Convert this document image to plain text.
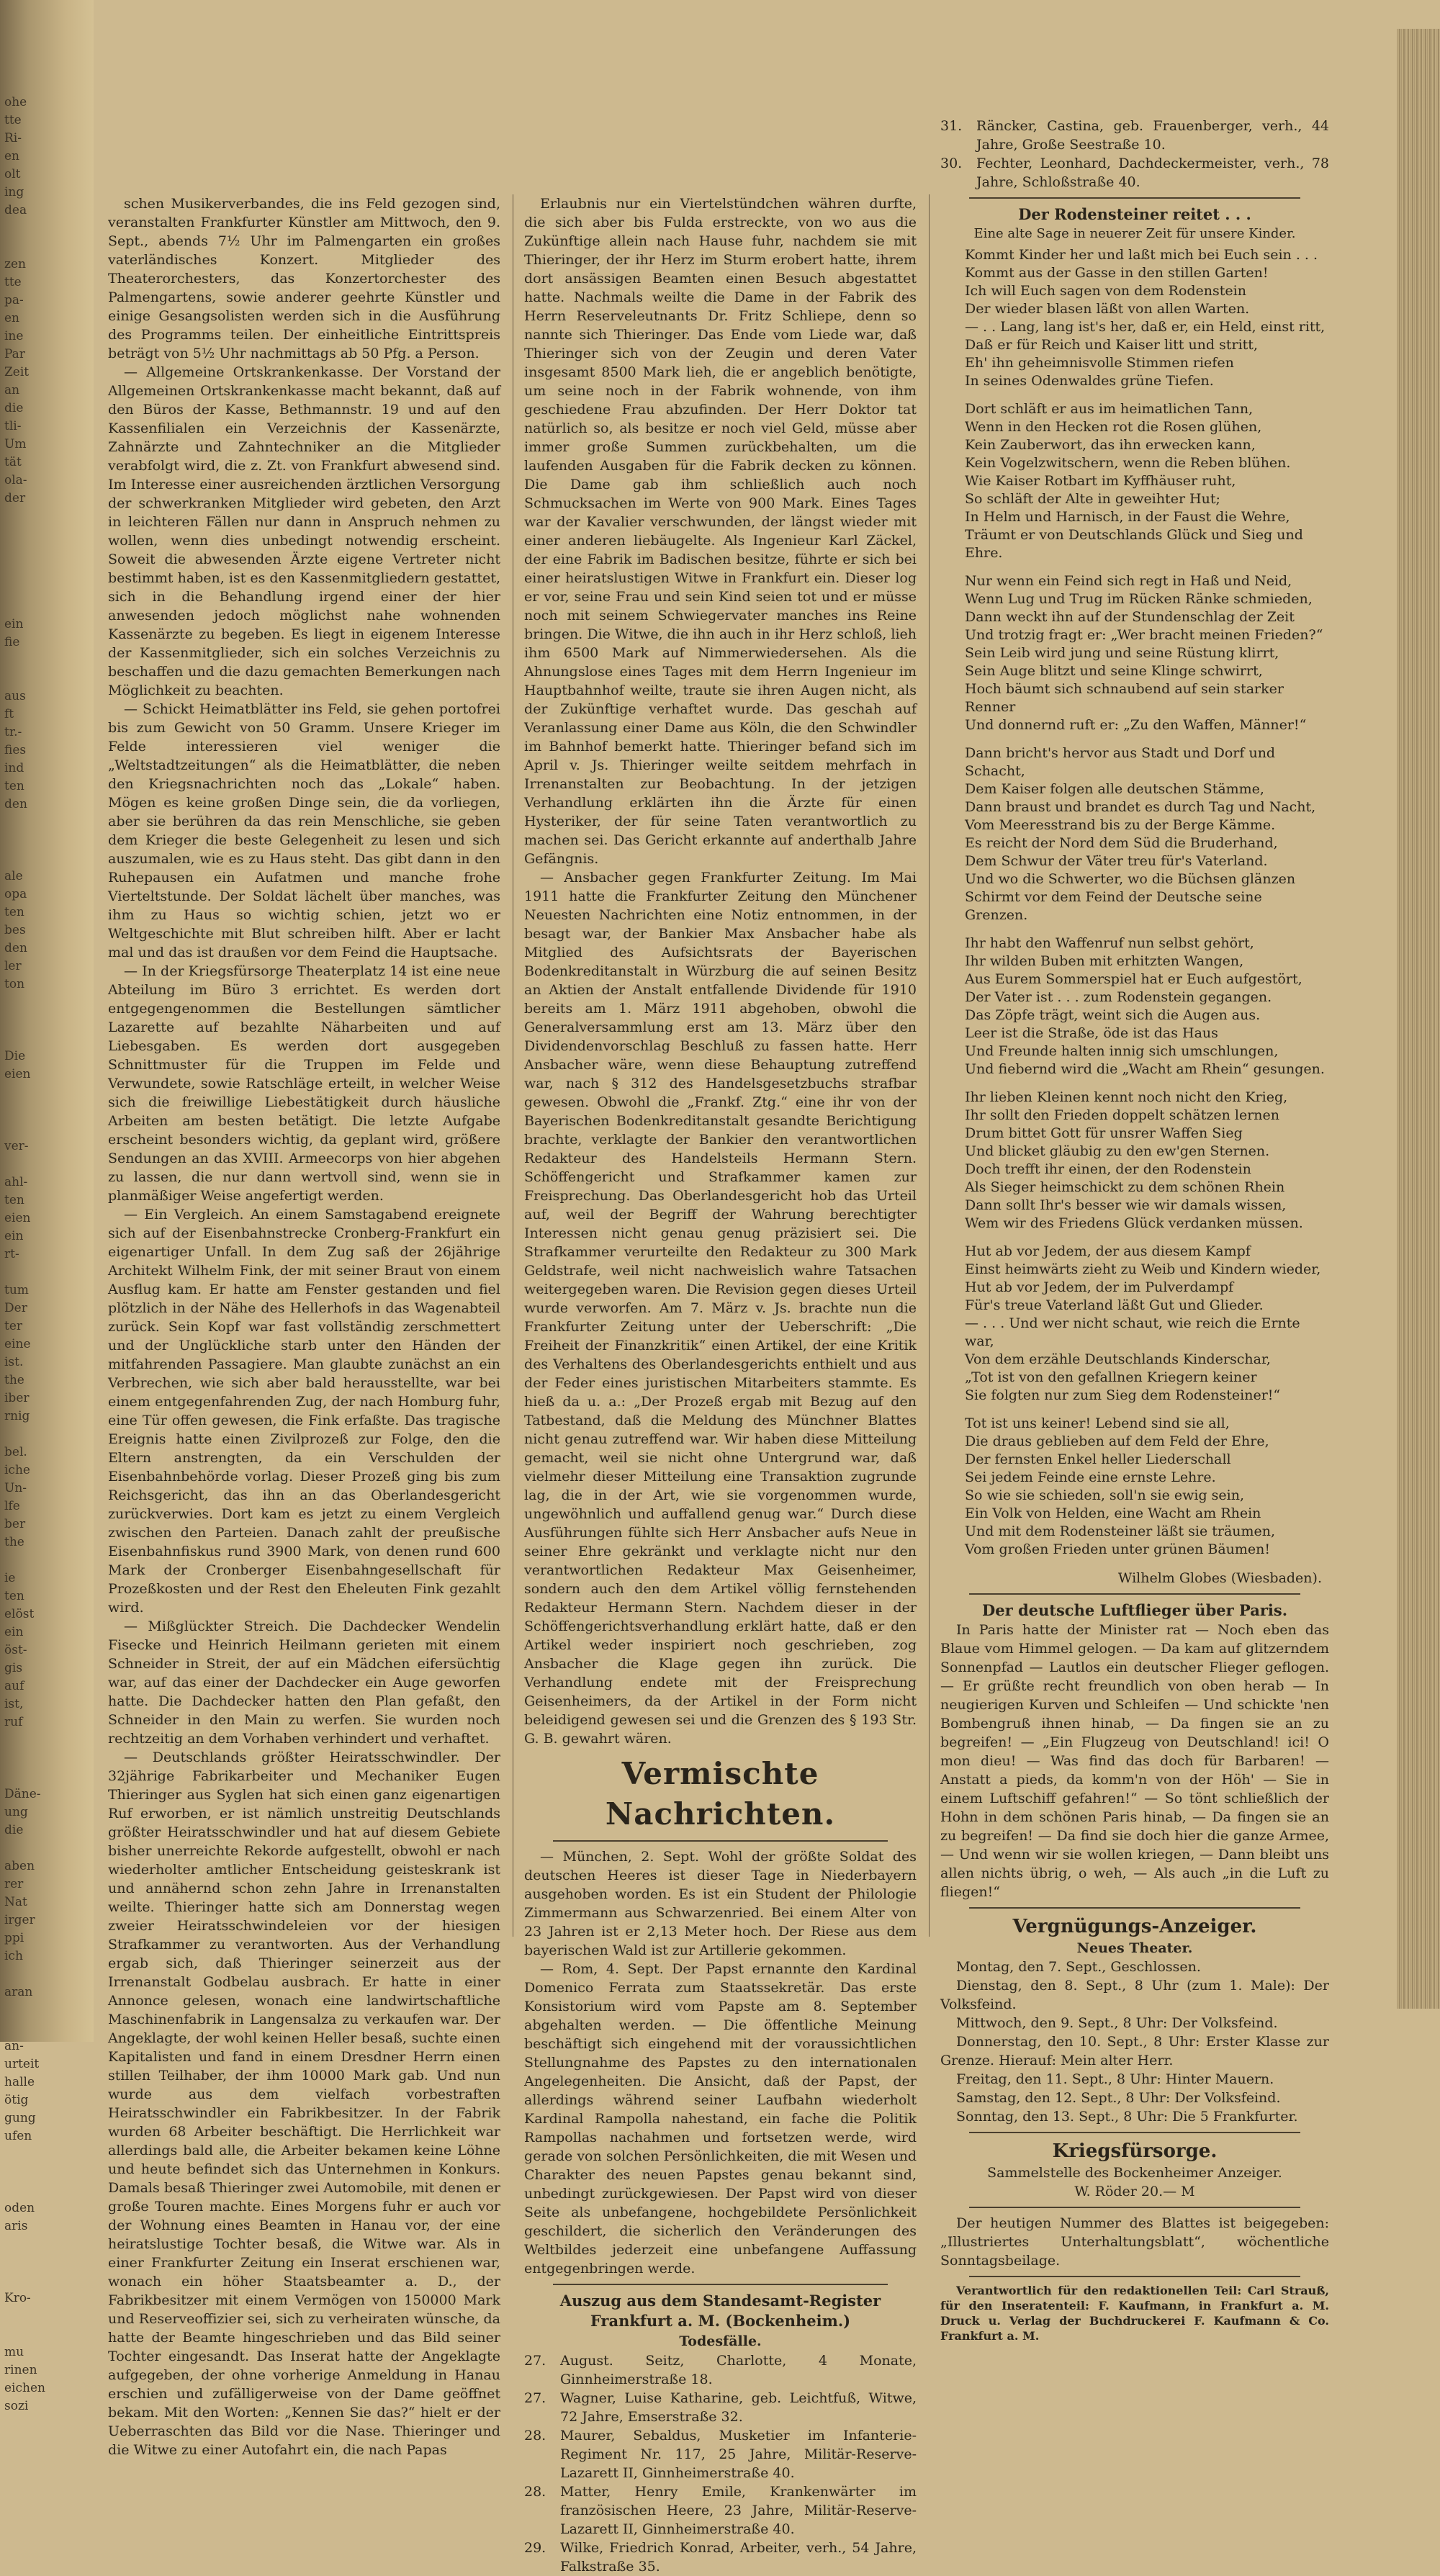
ohe
tte
Ri-
en
olt
ing
dea

zen
tte
pa-
en
ine
Par
Zeit
an
die
tli-
Um
tät
ola-
der

ein
fie

aus
ft
tr.-
fies
ind
ten
den

ale
opa
ten
bes
den
ler
ton

Die
eien

ver-

ahl-
ten
eien
ein
rt-

tum
Der
ter
eine
ist.
the
iber
rnig

bel.
iche
Un-
lfe
ber
the

ie
ten
elöst
ein
öst-
gis
auf
ist,
ruf

Däne-
ung
die

aben
rer
Nat
irger
ppi
ich

aran

an-
urteit
halle
ötig
gung
ufen

oden
aris

Kro-

mu
rinen
eichen
sozi

schen Musikerverbandes, die ins Feld gezogen sind, veranstalten Frankfurter Künstler am Mittwoch, den 9. Sept., abends 7½ Uhr im Palmengarten ein großes vaterländisches Konzert. Mitglieder des Theaterorchesters, das Konzertorchester des Palmengartens, sowie anderer geehrte Künstler und einige Gesangsolisten werden sich in die Ausführung des Programms teilen. Der einheitliche Eintrittspreis beträgt von 5½ Uhr nachmittags ab 50 Pfg. a Person.

— Allgemeine Ortskrankenkasse. Der Vorstand der Allgemeinen Ortskrankenkasse macht bekannt, daß auf den Büros der Kasse, Bethmannstr. 19 und auf den Kassenfilialen ein Verzeichnis der Kassenärzte, Zahnärzte und Zahntechniker an die Mitglieder verabfolgt wird, die z. Zt. von Frankfurt abwesend sind. Im Interesse einer ausreichenden ärztlichen Versorgung der schwerkranken Mitglieder wird gebeten, den Arzt in leichteren Fällen nur dann in Anspruch nehmen zu wollen, wenn dies unbedingt notwendig erscheint. Soweit die abwesenden Ärzte eigene Vertreter nicht bestimmt haben, ist es den Kassenmitgliedern gestattet, sich in die Behandlung irgend einer der hier anwesenden jedoch möglichst nahe wohnenden Kassenärzte zu begeben. Es liegt in eigenem Interesse der Kassenmitglieder, sich ein solches Verzeichnis zu beschaffen und die dazu gemachten Bemerkungen nach Möglichkeit zu beachten.

— Schickt Heimatblätter ins Feld, sie gehen portofrei bis zum Gewicht von 50 Gramm. Unsere Krieger im Felde interessieren viel weniger die „Weltstadtzeitungen“ als die Heimatblätter, die neben den Kriegsnachrichten noch das „Lokale“ haben. Mögen es keine großen Dinge sein, die da vorliegen, aber sie berühren da das rein Menschliche, sie geben dem Krieger die beste Gelegenheit zu lesen und sich auszumalen, wie es zu Haus steht. Das gibt dann in den Ruhepausen ein Aufatmen und manche frohe Vierteltstunde. Der Soldat lächelt über manches, was ihm zu Haus so wichtig schien, jetzt wo er Weltgeschichte mit Blut schreiben hilft. Aber er lacht mal und das ist draußen vor dem Feind die Hauptsache.

— In der Kriegsfürsorge Theaterplatz 14 ist eine neue Abteilung im Büro 3 errichtet. Es werden dort entgegengenommen die Bestellungen sämtlicher Lazarette auf bezahlte Näharbeiten und auf Liebesgaben. Es werden dort ausgegeben Schnittmuster für die Truppen im Felde und Verwundete, sowie Ratschläge erteilt, in welcher Weise sich die freiwillige Liebestätigkeit durch häusliche Arbeiten am besten betätigt. Die letzte Aufgabe erscheint besonders wichtig, da geplant wird, größere Sendungen an das XVIII. Armeecorps von hier abgehen zu lassen, die nur dann wertvoll sind, wenn sie in planmäßiger Weise angefertigt werden.

— Ein Vergleich. An einem Samstagabend ereignete sich auf der Eisenbahnstrecke Cronberg-Frankfurt ein eigenartiger Unfall. In dem Zug saß der 26jährige Architekt Wilhelm Fink, der mit seiner Braut von einem Ausflug kam. Er hatte am Fenster gestanden und fiel plötzlich in der Nähe des Hellerhofs in das Wagenabteil zurück. Sein Kopf war fast vollständig zerschmettert und der Unglückliche starb unter den Händen der mitfahrenden Passagiere. Man glaubte zunächst an ein Verbrechen, wie sich aber bald herausstellte, war bei einem entgegenfahrenden Zug, der nach Homburg fuhr, eine Tür offen gewesen, die Fink erfaßte. Das tragische Ereignis hatte einen Zivilprozeß zur Folge, den die Eltern anstrengten, da ein Verschulden der Eisenbahnbehörde vorlag. Dieser Prozeß ging bis zum Reichsgericht, das ihn an das Oberlandesgericht zurückverwies. Dort kam es jetzt zu einem Vergleich zwischen den Parteien. Danach zahlt der preußische Eisenbahnfiskus rund 3900 Mark, von denen rund 600 Mark der Cronberger Eisenbahngesellschaft für Prozeßkosten und der Rest den Eheleuten Fink gezahlt wird.

— Mißglückter Streich. Die Dachdecker Wendelin Fisecke und Heinrich Heilmann gerieten mit einem Schneider in Streit, der auf ein Mädchen eifersüchtig war, auf das einer der Dachdecker ein Auge geworfen hatte. Die Dachdecker hatten den Plan gefaßt, den Schneider in den Main zu werfen. Sie wurden noch rechtzeitig an dem Vorhaben verhindert und verhaftet.

— Deutschlands größter Heiratsschwindler. Der 32jährige Fabrikarbeiter und Mechaniker Eugen Thieringer aus Syglen hat sich einen ganz eigenartigen Ruf erworben, er ist nämlich unstreitig Deutschlands größter Heiratsschwindler und hat auf diesem Gebiete bisher unerreichte Rekorde aufgestellt, obwohl er nach wiederholter amtlicher Entscheidung geisteskrank ist und annähernd schon zehn Jahre in Irrenanstalten weilte. Thieringer hatte sich am Donnerstag wegen zweier Heiratsschwindeleien vor der hiesigen Strafkammer zu verantworten. Aus der Verhandlung ergab sich, daß Thieringer seinerzeit aus der Irrenanstalt Godbelau ausbrach. Er hatte in einer Annonce gelesen, wonach eine landwirtschaftliche Maschinenfabrik in Langensalza zu verkaufen war. Der Angeklagte, der wohl keinen Heller besaß, suchte einen Kapitalisten und fand in einem Dresdner Herrn einen stillen Teilhaber, der ihm 10000 Mark gab. Und nun wurde aus dem vielfach vorbestraften Heiratsschwindler ein Fabrikbesitzer. In der Fabrik wurden 68 Arbeiter beschäftigt. Die Herrlichkeit war allerdings bald alle, die Arbeiter bekamen keine Löhne und heute befindet sich das Unternehmen in Konkurs. Damals besaß Thieringer zwei Automobile, mit denen er große Touren machte. Eines Morgens fuhr er auch vor der Wohnung eines Beamten in Hanau vor, der eine heiratslustige Tochter besaß, die Witwe war. Als in einer Frankfurter Zeitung ein Inserat erschienen war, wonach ein höher Staatsbeamter a. D., der Fabrikbesitzer mit einem Vermögen von 150000 Mark und Reserveoffizier sei, sich zu verheiraten wünsche, da hatte der Beamte hingeschrieben und das Bild seiner Tochter eingesandt. Das Inserat hatte der Angeklagte aufgegeben, der ohne vorherige Anmeldung in Hanau erschien und zufälligerweise von der Dame geöffnet bekam. Mit den Worten: „Kennen Sie das?“ hielt er der Ueberraschten das Bild vor die Nase. Thieringer und die Witwe zu einer Autofahrt ein, die nach Papas

Erlaubnis nur ein Viertelstündchen währen durfte, die sich aber bis Fulda erstreckte, von wo aus die Zukünftige allein nach Hause fuhr, nachdem sie mit Thieringer, der ihr Herz im Sturm erobert hatte, ihrem dort ansässigen Beamten einen Besuch abgestattet hatte. Nachmals weilte die Dame in der Fabrik des Herrn Reserveleutnants Dr. Fritz Schliepe, denn so nannte sich Thieringer. Das Ende vom Liede war, daß Thieringer sich von der Zeugin und deren Vater insgesamt 8500 Mark lieh, die er angeblich benötigte, um seine noch in der Fabrik wohnende, von ihm geschiedene Frau abzufinden. Der Herr Doktor tat natürlich so, als besitze er noch viel Geld, müsse aber immer große Summen zurückbehalten, um die laufenden Ausgaben für die Fabrik decken zu können. Die Dame gab ihm schließlich auch noch Schmucksachen im Werte von 900 Mark. Eines Tages war der Kavalier verschwunden, der längst wieder mit einer anderen liebäugelte. Als Ingenieur Karl Zäckel, der eine Fabrik im Badischen besitze, führte er sich bei einer heiratslustigen Witwe in Frankfurt ein. Dieser log er vor, seine Frau und sein Kind seien tot und er müsse noch mit seinem Schwiegervater manches ins Reine bringen. Die Witwe, die ihn auch in ihr Herz schloß, lieh ihm 6500 Mark auf Nimmerwiedersehen. Als die Ahnungslose eines Tages mit dem Herrn Ingenieur im Hauptbahnhof weilte, traute sie ihren Augen nicht, als der Zukünftige verhaftet wurde. Das geschah auf Veranlassung einer Dame aus Köln, die den Schwindler im Bahnhof bemerkt hatte. Thieringer befand sich im April v. Js. Thieringer weilte seitdem mehrfach in Irrenanstalten zur Beobachtung. In der jetzigen Verhandlung erklärten ihn die Ärzte für einen Hysteriker, der für seine Taten verantwortlich zu machen sei. Das Gericht erkannte auf anderthalb Jahre Gefängnis.

— Ansbacher gegen Frankfurter Zeitung. Im Mai 1911 hatte die Frankfurter Zeitung den Münchener Neuesten Nachrichten eine Notiz entnommen, in der besagt war, der Bankier Max Ansbacher habe als Mitglied des Aufsichtsrats der Bayerischen Bodenkreditanstalt in Würzburg die auf seinen Besitz an Aktien der Anstalt entfallende Dividende für 1910 bereits am 1. März 1911 abgehoben, obwohl die Generalversammlung erst am 13. März über den Dividendenvorschlag Beschluß zu fassen hatte. Herr Ansbacher wäre, wenn diese Behauptung zutreffend war, nach § 312 des Handelsgesetzbuchs strafbar gewesen. Obwohl die „Frankf. Ztg.“ eine ihr von der Bayerischen Bodenkreditanstalt gesandte Berichtigung brachte, verklagte der Bankier den verantwortlichen Redakteur des Handelsteils Hermann Stern. Schöffengericht und Strafkammer kamen zur Freisprechung. Das Oberlandesgericht hob das Urteil auf, weil der Begriff der Wahrung berechtigter Interessen nicht genau genug präzisiert sei. Die Strafkammer verurteilte den Redakteur zu 300 Mark Geldstrafe, weil nicht nachweislich wahre Tatsachen weitergegeben waren. Die Revision gegen dieses Urteil wurde verworfen. Am 7. März v. Js. brachte nun die Frankfurter Zeitung unter der Ueberschrift: „Die Freiheit der Finanzkritik“ einen Artikel, der eine Kritik des Verhaltens des Oberlandesgerichts enthielt und aus der Feder eines juristischen Mitarbeiters stammte. Es hieß da u. a.: „Der Prozeß ergab mit Bezug auf den Tatbestand, daß die Meldung des Münchner Blattes nicht genau zutreffend war. Wir haben diese Mitteilung gemacht, weil sie nicht ohne Untergrund war, daß vielmehr dieser Mitteilung eine Transaktion zugrunde lag, die in der Art, wie sie vorgenommen wurde, ungewöhnlich und auffallend genug war.“ Durch diese Ausführungen fühlte sich Herr Ansbacher aufs Neue in seiner Ehre gekränkt und verklagte nicht nur den verantwortlichen Redakteur Max Geisenheimer, sondern auch den dem Artikel völlig fernstehenden Redakteur Hermann Stern. Nachdem dieser in der Schöffengerichtsverhandlung erklärt hatte, daß er den Artikel weder inspiriert noch geschrieben, zog Ansbacher die Klage gegen ihn zurück. Die Verhandlung endete mit der Freisprechung Geisenheimers, da der Artikel in der Form nicht beleidigend gewesen sei und die Grenzen des § 193 Str. G. B. gewahrt wären.

Vermischte Nachrichten.

— München, 2. Sept. Wohl der größte Soldat des deutschen Heeres ist dieser Tage in Niederbayern ausgehoben worden. Es ist ein Student der Philologie Zimmermann aus Schwarzenried. Bei einem Alter von 23 Jahren ist er 2,13 Meter hoch. Der Riese aus dem bayerischen Wald ist zur Artillerie gekommen.

— Rom, 4. Sept. Der Papst ernannte den Kardinal Domenico Ferrata zum Staatssekretär. Das erste Konsistorium wird vom Papste am 8. September abgehalten werden. — Die öffentliche Meinung beschäftigt sich eingehend mit der voraussichtlichen Stellungnahme des Papstes zu den internationalen Angelegenheiten. Die Ansicht, daß der Papst, der allerdings während seiner Laufbahn wiederholt Kardinal Rampolla nahestand, ein fache die Politik Rampollas nachahmen und fortsetzen werde, wird gerade von solchen Persönlichkeiten, die mit Wesen und Charakter des neuen Papstes genau bekannt sind, unbedingt zurückgewiesen. Der Papst wird von dieser Seite als unbefangene, hochgebildete Persönlichkeit geschildert, die sicherlich den Veränderungen des Weltbildes jederzeit eine unbefangene Auffassung entgegenbringen werde.

Auszug aus dem Standesamt-Register
Frankfurt a. M. (Bockenheim.)
Todesfälle.
27.	August. Seitz, Charlotte, 4 Monate, Ginnheimerstraße 18.
27.	Wagner, Luise Katharine, geb. Leichtfuß, Witwe, 72 Jahre, Emserstraße 32.
28.	Maurer, Sebaldus, Musketier im Infanterie-Regiment Nr. 117, 25 Jahre, Militär-Reserve-Lazarett II, Ginnheimerstraße 40.
28.	Matter, Henry Emile, Krankenwärter im französischen Heere, 23 Jahre, Militär-Reserve-Lazarett II, Ginnheimerstraße 40.
29.	Wilke, Friedrich Konrad, Arbeiter, verh., 54 Jahre, Falkstraße 35.
31.	Räncker, Castina, geb. Frauenberger, verh., 44 Jahre, Große Seestraße 10.
30.	Fechter, Leonhard, Dachdeckermeister, verh., 78 Jahre, Schloßstraße 40.
Der Rodensteiner reitet . . .
Eine alte Sage in neuerer Zeit für unsere Kinder.
Kommt Kinder her und laßt mich bei Euch sein . . .
Kommt aus der Gasse in den stillen Garten!
Ich will Euch sagen von dem Rodenstein
Der wieder blasen läßt von allen Warten.
— . . Lang, lang ist's her, daß er, ein Held, einst ritt,
Daß er für Reich und Kaiser litt und stritt,
Eh' ihn geheimnisvolle Stimmen riefen
In seines Odenwaldes grüne Tiefen.
Dort schläft er aus im heimatlichen Tann,
Wenn in den Hecken rot die Rosen glühen,
Kein Zauberwort, das ihn erwecken kann,
Kein Vogelzwitschern, wenn die Reben blühen.
Wie Kaiser Rotbart im Kyffhäuser ruht,
So schläft der Alte in geweihter Hut;
In Helm und Harnisch, in der Faust die Wehre,
Träumt er von Deutschlands Glück und Sieg und Ehre.
Nur wenn ein Feind sich regt in Haß und Neid,
Wenn Lug und Trug im Rücken Ränke schmieden,
Dann weckt ihn auf der Stundenschlag der Zeit
Und trotzig fragt er: „Wer bracht meinen Frieden?“
Sein Leib wird jung und seine Rüstung klirrt,
Sein Auge blitzt und seine Klinge schwirrt,
Hoch bäumt sich schnaubend auf sein starker Renner
Und donnernd ruft er: „Zu den Waffen, Männer!“
Dann bricht's hervor aus Stadt und Dorf und Schacht,
Dem Kaiser folgen alle deutschen Stämme,
Dann braust und brandet es durch Tag und Nacht,
Vom Meeresstrand bis zu der Berge Kämme.
Es reicht der Nord dem Süd die Bruderhand,
Dem Schwur der Väter treu für's Vaterland.
Und wo die Schwerter, wo die Büchsen glänzen
Schirmt vor dem Feind der Deutsche seine Grenzen.
Ihr habt den Waffenruf nun selbst gehört,
Ihr wilden Buben mit erhitzten Wangen,
Aus Eurem Sommerspiel hat er Euch aufgestört,
Der Vater ist . . . zum Rodenstein gegangen.
Das Zöpfe trägt, weint sich die Augen aus.
Leer ist die Straße, öde ist das Haus
Und Freunde halten innig sich umschlungen,
Und fiebernd wird die „Wacht am Rhein“ gesungen.
Ihr lieben Kleinen kennt noch nicht den Krieg,
Ihr sollt den Frieden doppelt schätzen lernen
Drum bittet Gott für unsrer Waffen Sieg
Und blicket gläubig zu den ew'gen Sternen.
Doch trefft ihr einen, der den Rodenstein
Als Sieger heimschickt zu dem schönen Rhein
Dann sollt Ihr's besser wie wir damals wissen,
Wem wir des Friedens Glück verdanken müssen.
Hut ab vor Jedem, der aus diesem Kampf
Einst heimwärts zieht zu Weib und Kindern wieder,
Hut ab vor Jedem, der im Pulverdampf
Für's treue Vaterland läßt Gut und Glieder.
— . . . Und wer nicht schaut, wie reich die Ernte war,
Von dem erzähle Deutschlands Kinderschar,
„Tot ist von den gefallnen Kriegern keiner
Sie folgten nur zum Sieg dem Rodensteiner!“
Tot ist uns keiner! Lebend sind sie all,
Die draus geblieben auf dem Feld der Ehre,
Der fernsten Enkel heller Liederschall
Sei jedem Feinde eine ernste Lehre.
So wie sie schieden, soll'n sie ewig sein,
Ein Volk von Helden, eine Wacht am Rhein
Und mit dem Rodensteiner läßt sie träumen,
Vom großen Frieden unter grünen Bäumen!
Wilhelm Globes (Wiesbaden).
Der deutsche Luftflieger über Paris.

In Paris hatte der Minister rat — Noch eben das Blaue vom Himmel gelogen. — Da kam auf glitzerndem Sonnenpfad — Lautlos ein deutscher Flieger geflogen. — Er grüßte recht freundlich von oben herab — In neugierigen Kurven und Schleifen — Und schickte 'nen Bombengruß ihnen hinab, — Da fingen sie an zu begreifen! — „Ein Flugzeug von Deutschland! ici! O mon dieu! — Was find das doch für Barbaren! — Anstatt a pieds, da komm'n von der Höh' — Sie in einem Luftschiff gefahren!“ — So tönt schließlich der Hohn in dem schönen Paris hinab, — Da fingen sie an zu begreifen! — Da find sie doch hier die ganze Armee, — Und wenn wir sie wollen kriegen, — Dann bleibt uns allen nichts übrig, o weh, — Als auch „in die Luft zu fliegen!“

Vergnügungs-Anzeiger.
Neues Theater.

Montag, den 7. Sept., Geschlossen.

Dienstag, den 8. Sept., 8 Uhr (zum 1. Male): Der Volksfeind.

Mittwoch, den 9. Sept., 8 Uhr: Der Volksfeind.

Donnerstag, den 10. Sept., 8 Uhr: Erster Klasse zur Grenze. Hierauf: Mein alter Herr.

Freitag, den 11. Sept., 8 Uhr: Hinter Mauern.

Samstag, den 12. Sept., 8 Uhr: Der Volksfeind.

Sonntag, den 13. Sept., 8 Uhr: Die 5 Frankfurter.

Kriegsfürsorge.
Sammelstelle des Bockenheimer Anzeiger.
W. Röder 20.— M

Der heutigen Nummer des Blattes ist beigegeben: „Illustriertes Unterhaltungsblatt“, wöchentliche Sonntagsbeilage.

Verantwortlich für den redaktionellen Teil: Carl Strauß, für den Inseratenteil: F. Kaufmann, in Frankfurt a. M. Druck u. Verlag der Buchdruckerei F. Kaufmann & Co. Frankfurt a. M.
